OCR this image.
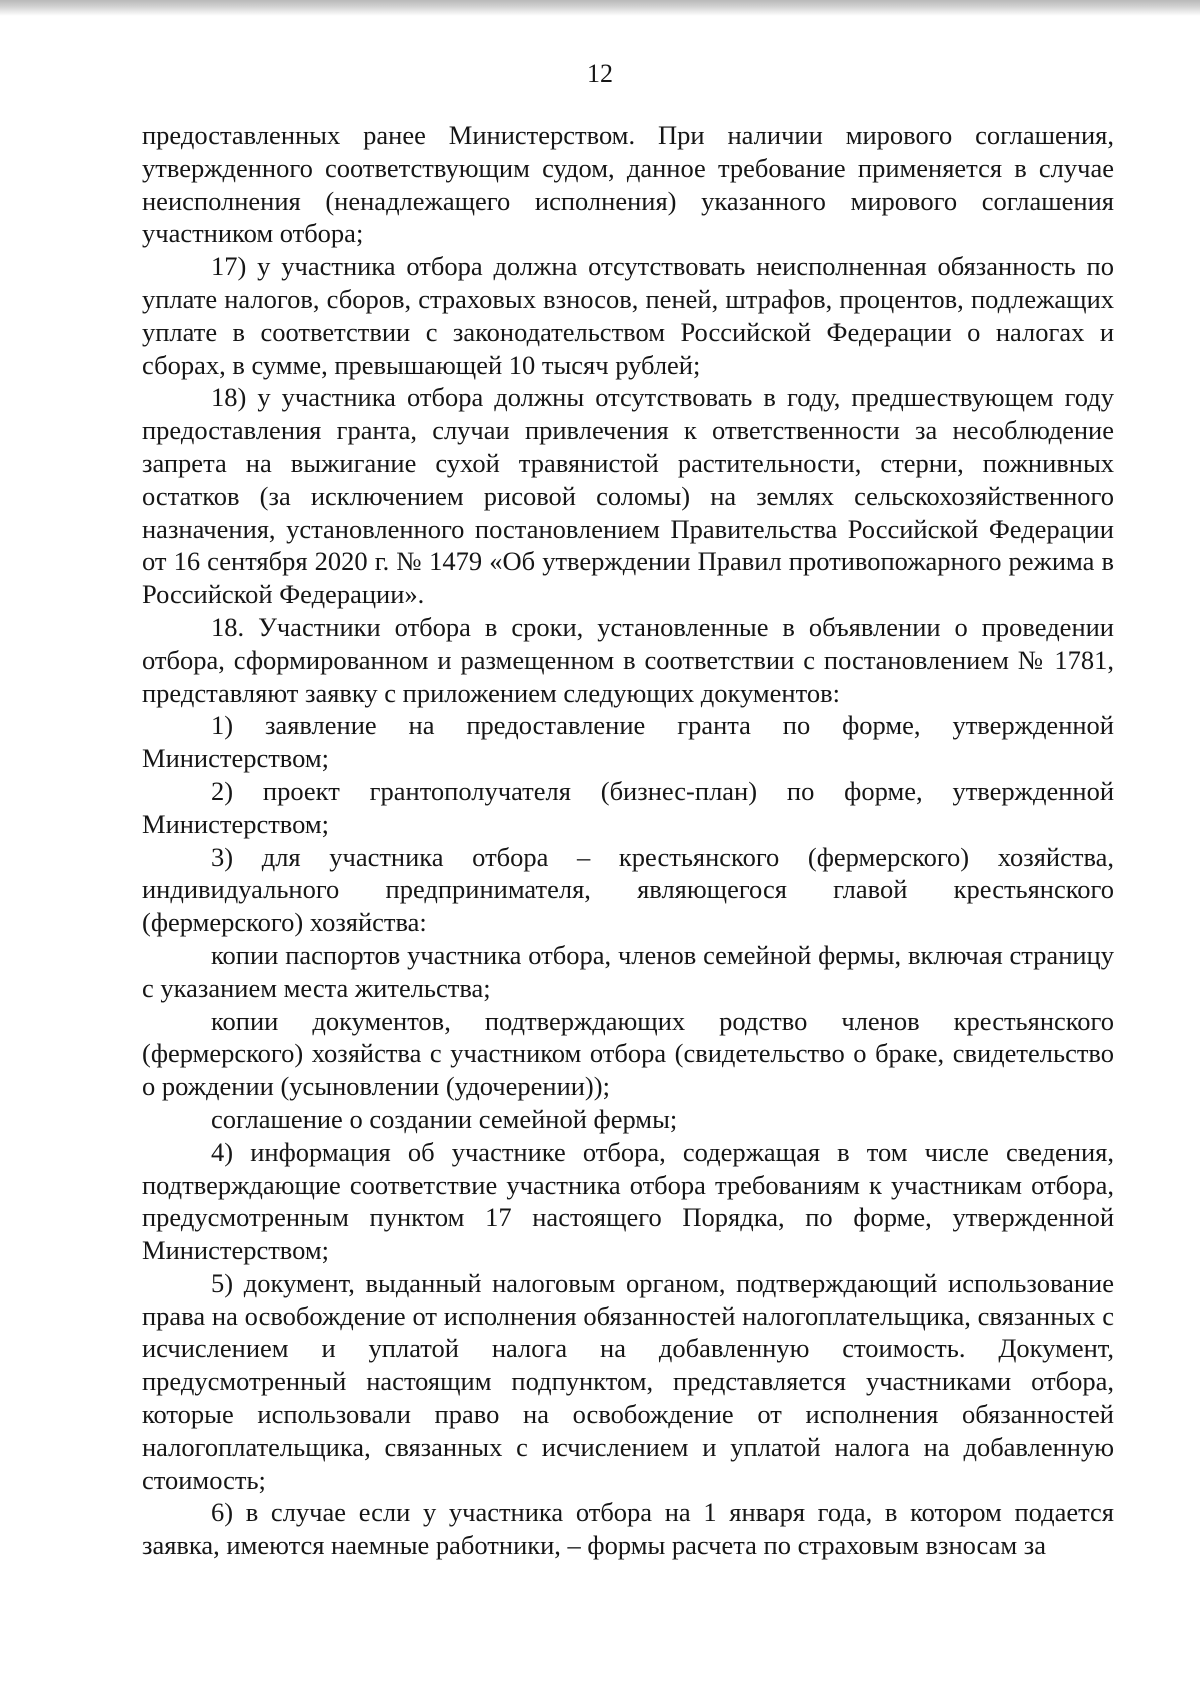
12

предоставленных ранее Министерством. При наличии мирового соглашения, утвержденного соответствующим судом, данное требование применяется в случае неисполнения (ненадлежащего исполнения) указанного мирового соглашения участником отбора;

17) у участника отбора должна отсутствовать неисполненная обязанность по уплате налогов, сборов, страховых взносов, пеней, штрафов, процентов, подлежащих уплате в соответствии с законодательством Российской Федерации о налогах и сборах, в сумме, превышающей 10 тысяч рублей;

18) у участника отбора должны отсутствовать в году, предшествующем году предоставления гранта, случаи привлечения к ответственности за несоблюдение запрета на выжигание сухой травянистой растительности, стерни, пожнивных остатков (за исключением рисовой соломы) на землях сельскохозяйственного назначения, установленного постановлением Правительства Российской Федерации от 16 сентября 2020 г. № 1479 «Об утверждении Правил противопожарного режима в Российской Федерации».

18. Участники отбора в сроки, установленные в объявлении о проведении отбора, сформированном и размещенном в соответствии с постановлением № 1781, представляют заявку с приложением следующих документов:

1) заявление на предоставление гранта по форме, утвержденной Министерством;

2) проект грантополучателя (бизнес-план) по форме, утвержденной Министерством;

3) для участника отбора – крестьянского (фермерского) хозяйства, индивидуального предпринимателя, являющегося главой крестьянского (фермерского) хозяйства:

копии паспортов участника отбора, членов семейной фермы, включая страницу с указанием места жительства;

копии документов, подтверждающих родство членов крестьянского (фермерского) хозяйства с участником отбора (свидетельство о браке, свидетельство о рождении (усыновлении (удочерении));

соглашение о создании семейной фермы;

4) информация об участнике отбора, содержащая в том числе сведения, подтверждающие соответствие участника отбора требованиям к участникам отбора, предусмотренным пунктом 17 настоящего Порядка, по форме, утвержденной Министерством;

5) документ, выданный налоговым органом, подтверждающий использование права на освобождение от исполнения обязанностей налогоплательщика, связанных с исчислением и уплатой налога на добавленную стоимость. Документ, предусмотренный настоящим подпунктом, представляется участниками отбора, которые использовали право на освобождение от исполнения обязанностей налогоплательщика, связанных с исчислением и уплатой налога на добавленную стоимость;

6) в случае если у участника отбора на 1 января года, в котором подается заявка, имеются наемные работники, – формы расчета по страховым взносам за
